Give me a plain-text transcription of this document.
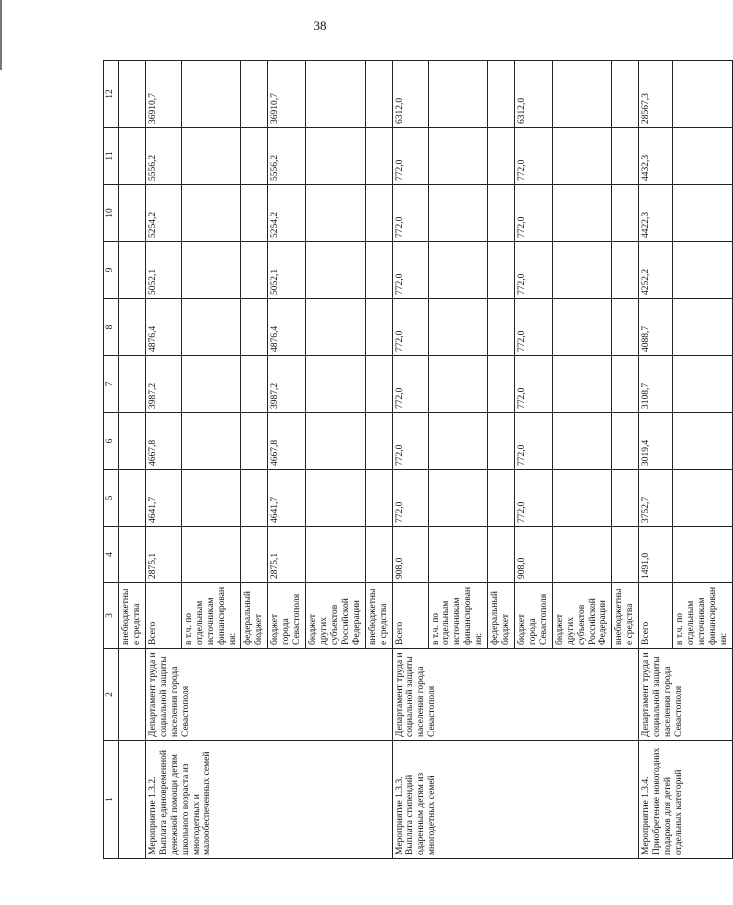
38
1	2	3	4	5	6	7	8	9	10	11	12
		внебюджетные средства									
Мероприятие 1.3.2. Выплата единовременной денежной помощи детям школьного возраста из многодетных и малообеспеченных семей	Департамент труда и социальной защиты населения города Севастополя	Всего	2875,1	4641,7	4667,8	3987,2	4876,4	5052,1	5254,2	5556,2	36910,7
		в т.ч. по отдельным источникам финансирования:									
		федеральный бюджет									
		бюджет города Севастополя	2875,1	4641,7	4667,8	3987,2	4876,4	5052,1	5254,2	5556,2	36910,7
		бюджет других субъектов Российской Федерации									
		внебюджетные средства									
Мероприятие 1.3.3. Выплата стипендий одаренным детям из многодетных семей	Департамент труда и социальной защиты населения города Севастополя	Всего	908,0	772,0	772,0	772,0	772,0	772,0	772,0	772,0	6312,0
		в т.ч. по отдельным источникам финансирования:									
		федеральный бюджет									
		бюджет города Севастополя	908,0	772,0	772,0	772,0	772,0	772,0	772,0	772,0	6312,0
		бюджет других субъектов Российской Федерации									
		внебюджетные средства									
Мероприятие 1.3.4. Приобретение новогодних подарков для детей отдельных категорий	Департамент труда и социальной защиты населения города Севастополя	Всего	1491,0	3752,7	3019,4	3108,7	4088,7	4252,2	4422,3	4432,3	28567,3
		в т.ч. по отдельным источникам финансирования:									
